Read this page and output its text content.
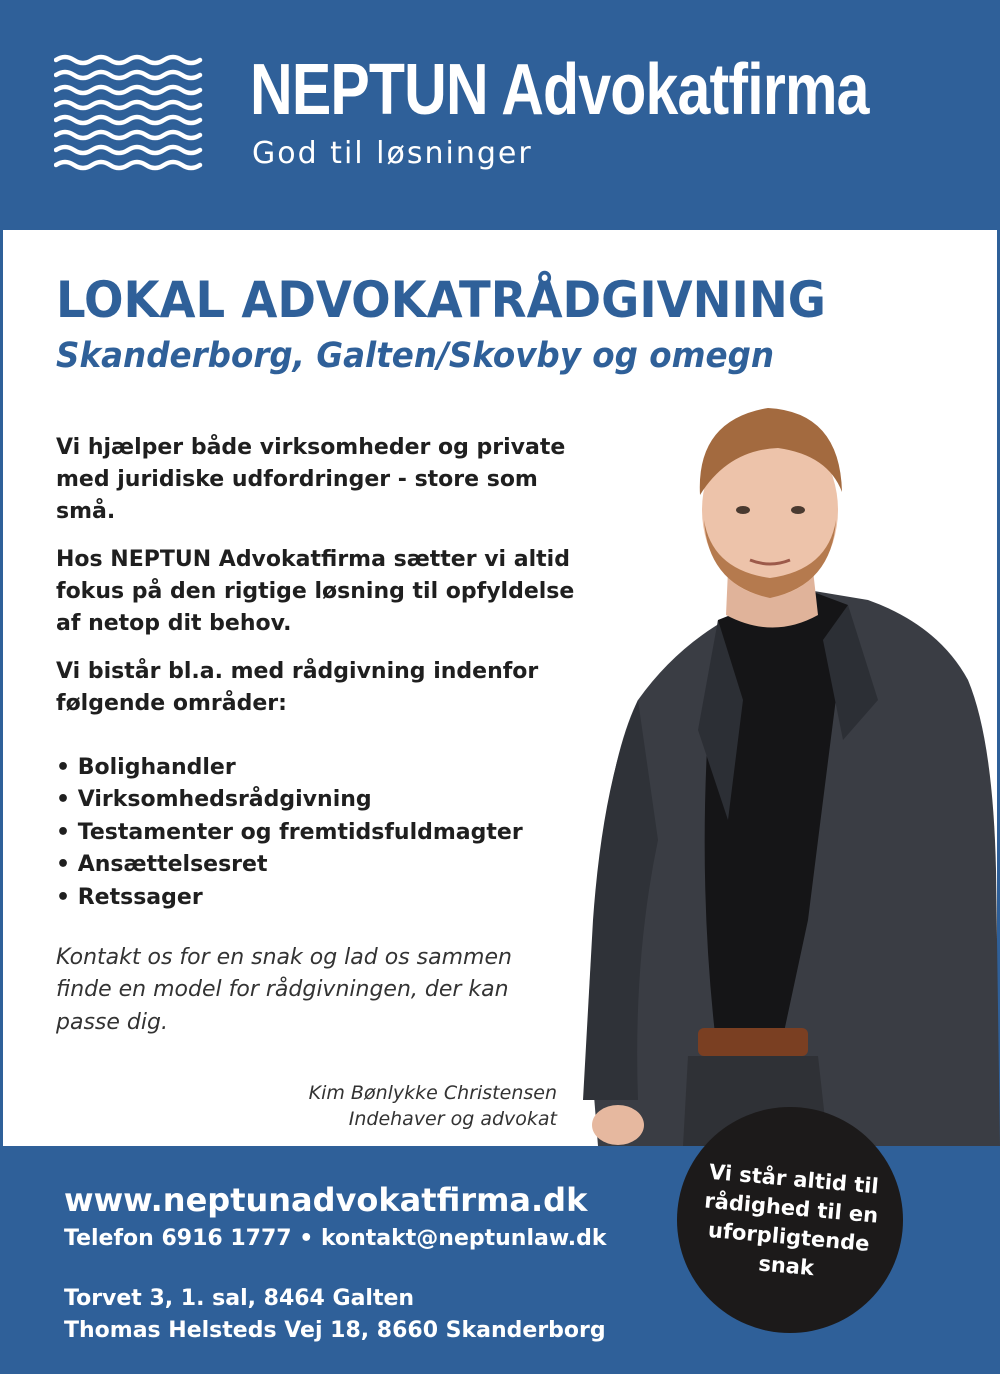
NEPTUN Advokatfirma
God til løsninger
LOKAL ADVOKATRÅDGIVNING
Skanderborg, Galten/Skovby og omegn

Vi hjælper både virksomheder og private med juridiske udfordringer - store som små.

Hos NEPTUN Advokatfirma sætter vi altid fokus på den rigtige løsning til opfyldelse af netop dit behov.

Vi bistår bl.a. med rådgivning indenfor følgende områder:

• Bolighandler
• Virksomhedsrådgivning
• Testamenter og fremtidsfuldmagter
• Ansættelsesret
• Retssager

Kontakt os for en snak og lad os sammen finde en model for rådgivningen, der kan passe dig.

Kim Bønlykke Christensen
Indehaver og advokat
www.neptunadvokatfirma.dk
Telefon 6916 1777 • kontakt@neptunlaw.dk
Torvet 3, 1. sal, 8464 Galten
Thomas Helsteds Vej 18, 8660 Skanderborg
Vi står altid til
rådighed til en
uforpligtende
snak
